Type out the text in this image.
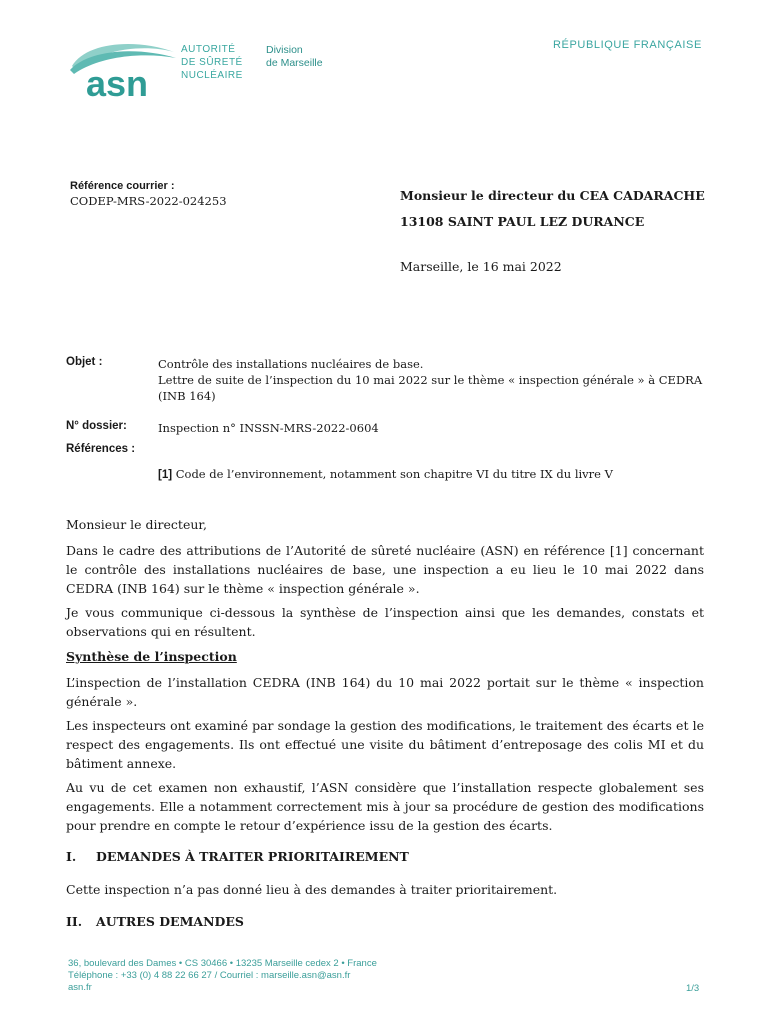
asn
AUTORITÉ
DE SÛRETÉ
NUCLÉAIRE
Division
de Marseille
RÉPUBLIQUE FRANÇAISE
Référence courrier :
CODEP-MRS-2022-024253	Monsieur le directeur du CEA CADARACHE
13108 SAINT PAUL LEZ DURANCE
Marseille, le 16 mai 2022
Objet :	Contrôle des installations nucléaires de base.
Lettre de suite de l’inspection du 10 mai 2022 sur le thème « inspection générale » à CEDRA (INB 164)
N° dossier:	Inspection n° INSSN-MRS-2022-0604
Références :
[1] Code de l’environnement, notamment son chapitre VI du titre IX du livre V
Monsieur le directeur,
Dans le cadre des attributions de l’Autorité de sûreté nucléaire (ASN) en référence [1] concernant le contrôle des installations nucléaires de base, une inspection a eu lieu le 10 mai 2022 dans CEDRA (INB 164) sur le thème « inspection générale ».
Je vous communique ci-dessous la synthèse de l’inspection ainsi que les demandes, constats et observations qui en résultent.
Synthèse de l’inspection
L’inspection de l’installation CEDRA (INB 164) du 10 mai 2022 portait sur le thème « inspection générale ».
Les inspecteurs ont examiné par sondage la gestion des modifications, le traitement des écarts et le respect des engagements. Ils ont effectué une visite du bâtiment d’entreposage des colis MI et du bâtiment annexe.
Au vu de cet examen non exhaustif, l’ASN considère que l’installation respecte globalement ses engagements. Elle a notamment correctement mis à jour sa procédure de gestion des modifications pour prendre en compte le retour d’expérience issu de la gestion des écarts.
I. DEMANDES À TRAITER PRIORITAIREMENT
Cette inspection n’a pas donné lieu à des demandes à traiter prioritairement.
II. AUTRES DEMANDES
36, boulevard des Dames • CS 30466 • 13235 Marseille cedex 2 • France
Téléphone : +33 (0) 4 88 22 66 27 / Courriel : marseille.asn@asn.fr
asn.fr	1/3
